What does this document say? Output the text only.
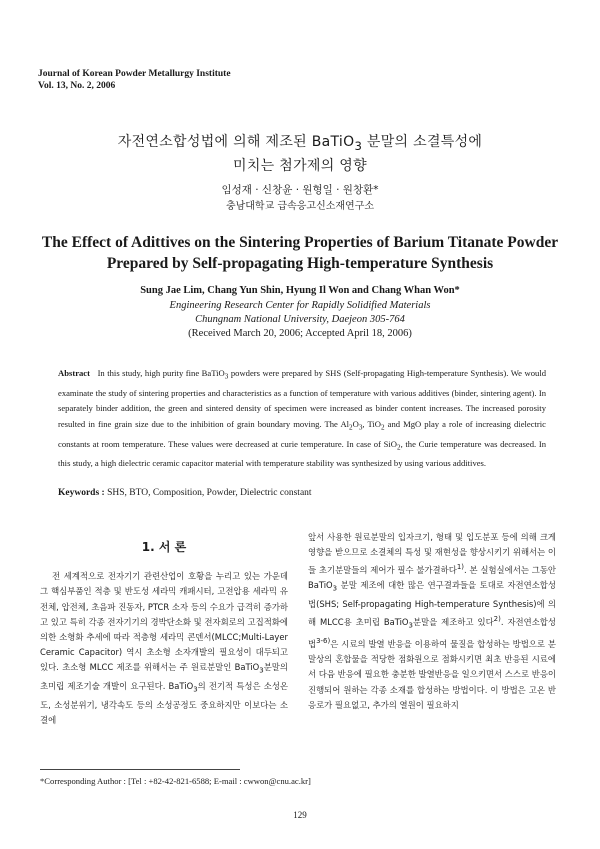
Journal of Korean Powder Metallurgy Institute
Vol. 13, No. 2, 2006
자전연소합성법에 의해 제조된 BaTiO$_3$ 분말의 소결특성에
미치는 첨가제의 영향
임성재 · 신창윤 · 원형일 · 원창환*
충남대학교 급속응고신소재연구소
The Effect of Adittives on the Sintering Properties of Barium Titanate Powder
Prepared by Self-propagating High-temperature Synthesis
Sung Jae Lim, Chang Yun Shin, Hyung Il Won and Chang Whan Won*
Engineering Research Center for Rapidly Solidified Materials
Chungnam National University, Daejeon 305-764
(Received March 20, 2006; Accepted April 18, 2006)
Abstract In this study, high purity fine BaTiO$_3$ powders were prepared by SHS (Self-propagating High-temperature Synthesis). We would examinate the study of sintering properties and characteristics as a function of temperature with various additives (binder, sintering agent). In separately binder addition, the green and sintered density of specimen were increased as binder content increases. The increased porosity resulted in fine grain size due to the inhibition of grain boundary moving. The $Al_2O_3$, TiO$_2$ and MgO play a role of increasing dielectric constants at room temperature. These values were decreased at curie temperature. In case of SiO$_2$, the Curie temperature was decreased. In this study, a high dielectric ceramic capacitor material with temperature stability was synthesized by using various additives.
Keywords : SHS, BTO, Composition, Powder, Dielectric constant
1. 서 론

전 세계적으로 전자기기 관련산업이 호황을 누리고 있는 가운데 그 핵심부품인 적층 및 반도성 세라믹 캐패시터, 고전압용 세라믹 유전체, 압전체, 초음파 진동자, PTCR 소자 등의 수요가 급격히 증가하고 있고 특히 각종 전자기기의 경박단소화 및 전자회로의 고집적화에 의한 소형화 추세에 따라 적층형 세라믹 콘덴서(MLCC;Multi-Layer Ceramic Capacitor) 역시 초소형 소자개발의 필요성이 대두되고 있다. 초소형 MLCC 제조를 위해서는 주 원료분말인 BaTiO$_3$분말의 초미립 제조기술 개발이 요구된다. BaTiO$_3$의 전기적 특성은 소성온도, 소성분위기, 냉각속도 등의 소성공정도 중요하지만 이보다는 소결에

앞서 사용한 원료분말의 입자크기, 형태 및 입도분포 등에 의해 크게 영향을 받으므로 소결체의 특성 및 재현성을 향상시키기 위해서는 이들 초기분말들의 제어가 필수 불가결하다$^{1)}$. 본 실험실에서는 그동안 BaTiO$_3$ 분말 제조에 대한 많은 연구결과들을 토대로 자전연소합성법(SHS; Self-propagating High-temperature Synthesis)에 의해 MLCC용 초미립 BaTiO$_3$분말을 제조하고 있다$^{2)}$. 자전연소합성법$^{3-6)}$은 시료의 발열 반응을 이용하여 물질을 합성하는 방법으로 분말상의 혼합물을 적당한 점화원으로 점화시키면 최초 반응된 시료에서 다음 반응에 필요한 충분한 발열반응을 일으키면서 스스로 반응이 진행되어 원하는 각종 소재를 합성하는 방법이다. 이 방법은 고온 반응로가 필요없고, 추가의 열원이 필요하지

*Corresponding Author : [Tel : +82-42-821-6588; E-mail : cwwon@cnu.ac.kr]
129
